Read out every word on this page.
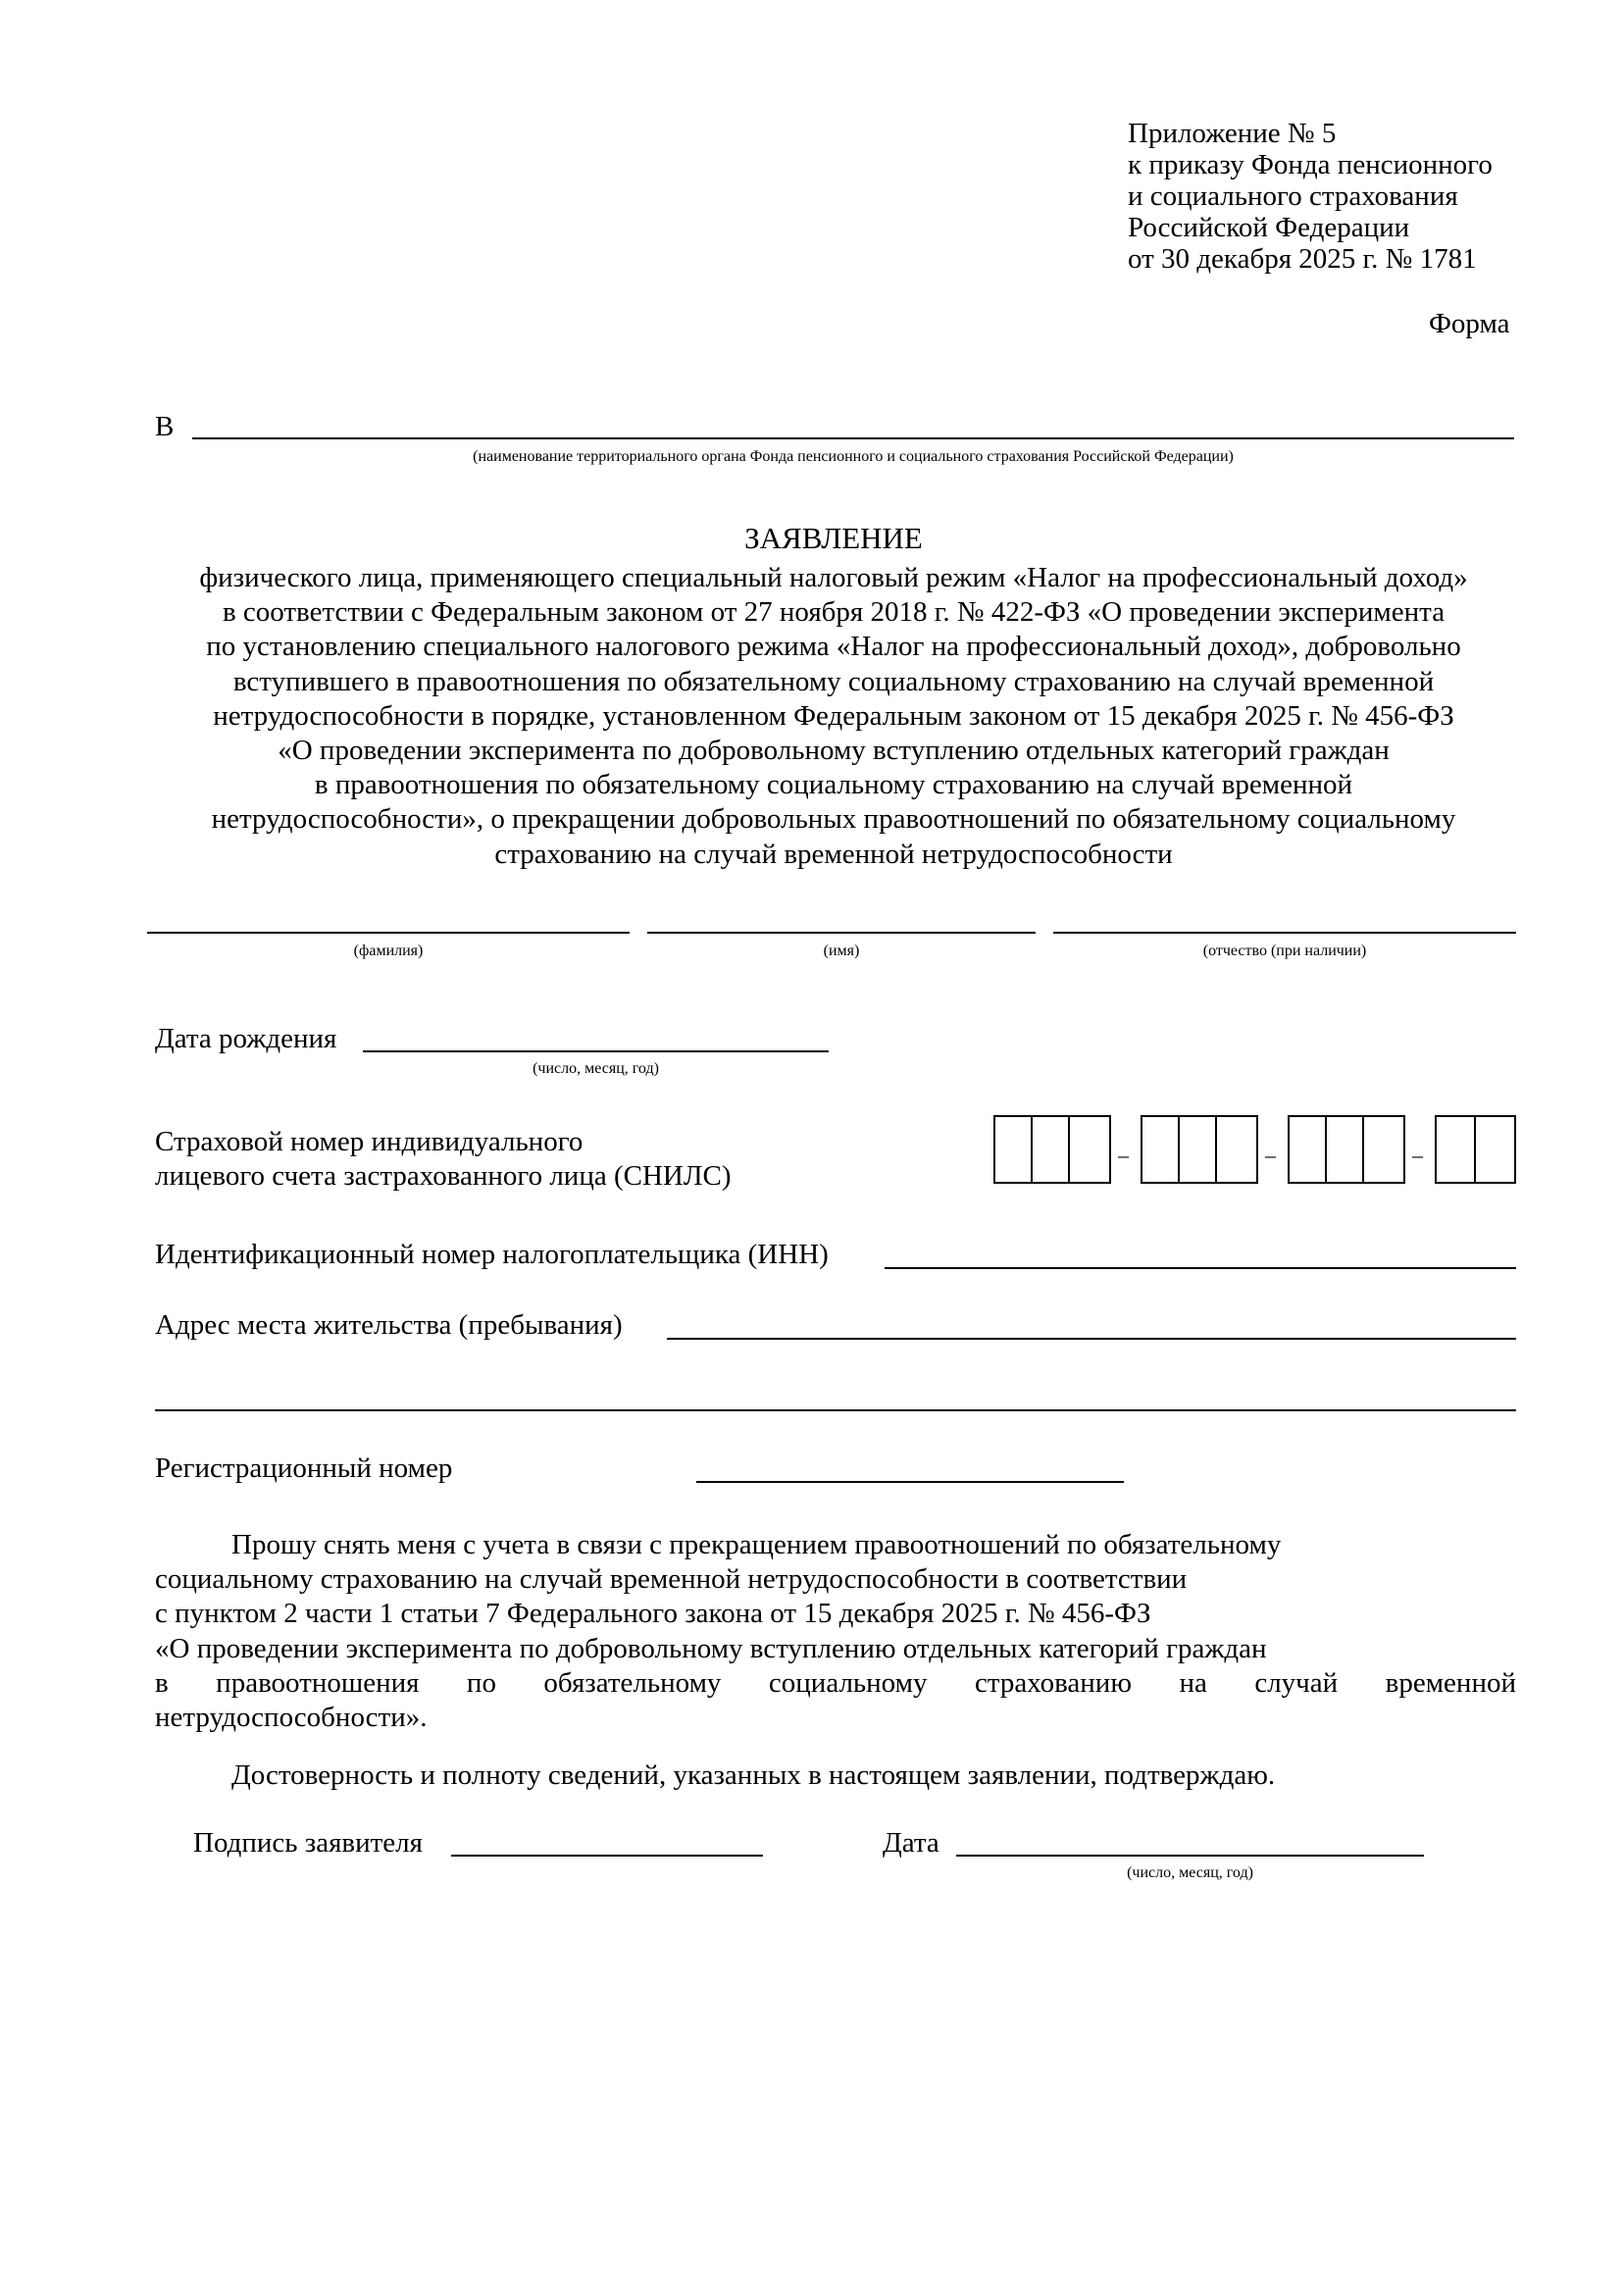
Приложение № 5
к приказу Фонда пенсионного
и социального страхования
Российской Федерации
от 30 декабря 2025 г. № 1781
Форма
В
(наименование территориального органа Фонда пенсионного и социального страхования Российской Федерации)
ЗАЯВЛЕНИЕ
физического лица, применяющего специальный налоговый режим «Налог на профессиональный доход»
в соответствии с Федеральным законом от 27 ноября 2018 г. № 422-ФЗ «О проведении эксперимента
по установлению специального налогового режима «Налог на профессиональный доход», добровольно
вступившего в правоотношения по обязательному социальному страхованию на случай временной
нетрудоспособности в порядке, установленном Федеральным законом от 15 декабря 2025 г. № 456-ФЗ
«О проведении эксперимента по добровольному вступлению отдельных категорий граждан
в правоотношения по обязательному социальному страхованию на случай временной
нетрудоспособности», о прекращении добровольных правоотношений по обязательному социальному
страхованию на случай временной нетрудоспособности
(фамилия)	(имя)	(отчество (при наличии)
Дата рождения
(число, месяц, год)
Страховой номер индивидуального
лицевого счета застрахованного лица (СНИЛС)
–	–	–
Идентификационный номер налогоплательщика (ИНН)
Адрес места жительства (пребывания)
Регистрационный номер
Прошу снять меня с учета в связи с прекращением правоотношений по обязательному
социальному страхованию на случай временной нетрудоспособности в соответствии
с пунктом 2 части 1 статьи 7 Федерального закона от 15 декабря 2025 г. № 456-ФЗ
«О проведении эксперимента по добровольному вступлению отдельных категорий граждан
в правоотношения по обязательному социальному страхованию на случай временной
нетрудоспособности».
Достоверность и полноту сведений, указанных в настоящем заявлении, подтверждаю.
Подпись заявителя	Дата
(число, месяц, год)
